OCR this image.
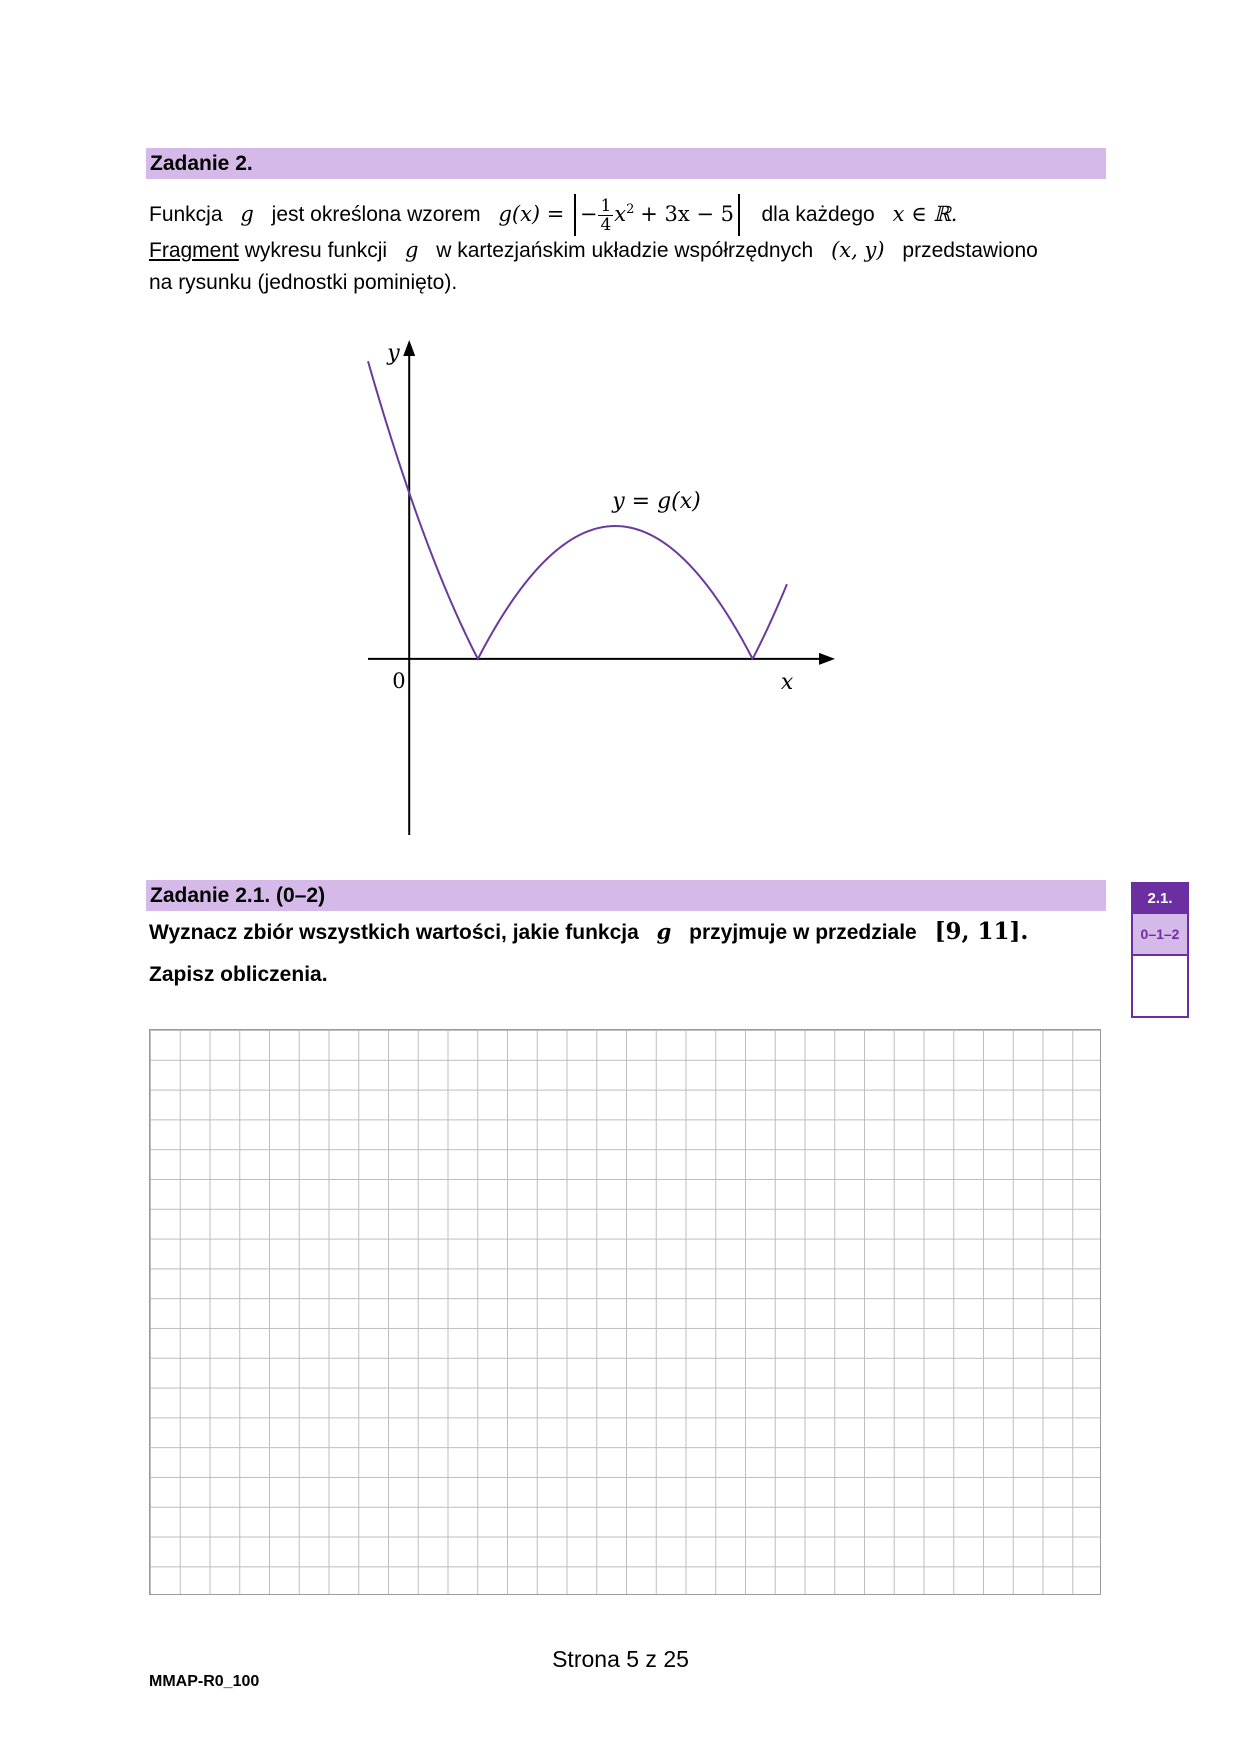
Zadanie 2.
Funkcja g jest określona wzorem g(x) = − $\frac{1}{4} x^2 + 3x - 5$ dla każdego x ∈ ℝ.
Fragment wykresu funkcji g w kartezjańskim układzie współrzędnych (x, y) przedstawiono
na rysunku (jednostki pominięto).
y
x
0
y = g(x)
Zadanie 2.1. (0–2)
Wyznacz zbiór wszystkich wartości, jakie funkcja g przyjmuje w przedziale [9, 11].
Zapisz obliczenia.
2.1.
0–1–2
Strona 5 z 25
MMAP-R0_100
